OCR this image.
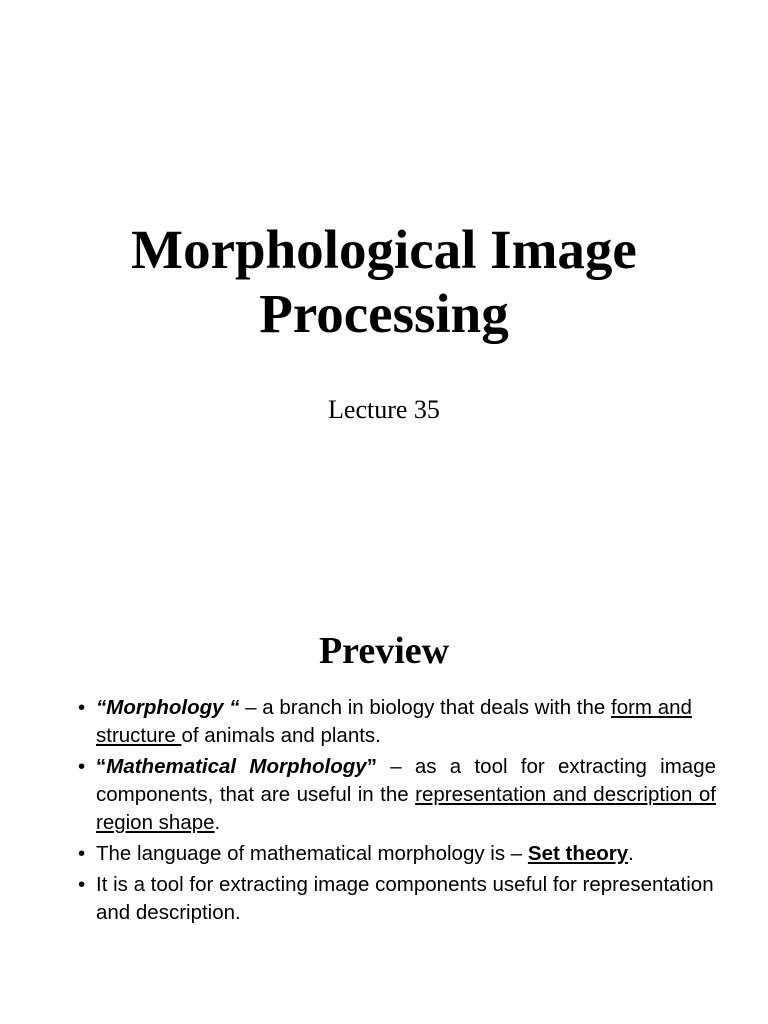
Morphological Image
Processing

Lecture 35

Preview
• “Morphology “ – a branch in biology that deals with the form and structure of animals and plants.
• “Mathematical Morphology” – as a tool for extracting image components, that are useful in the representation and description of region shape.
• The language of mathematical morphology is – Set theory.
• It is a tool for extracting image components useful for representation and description.
